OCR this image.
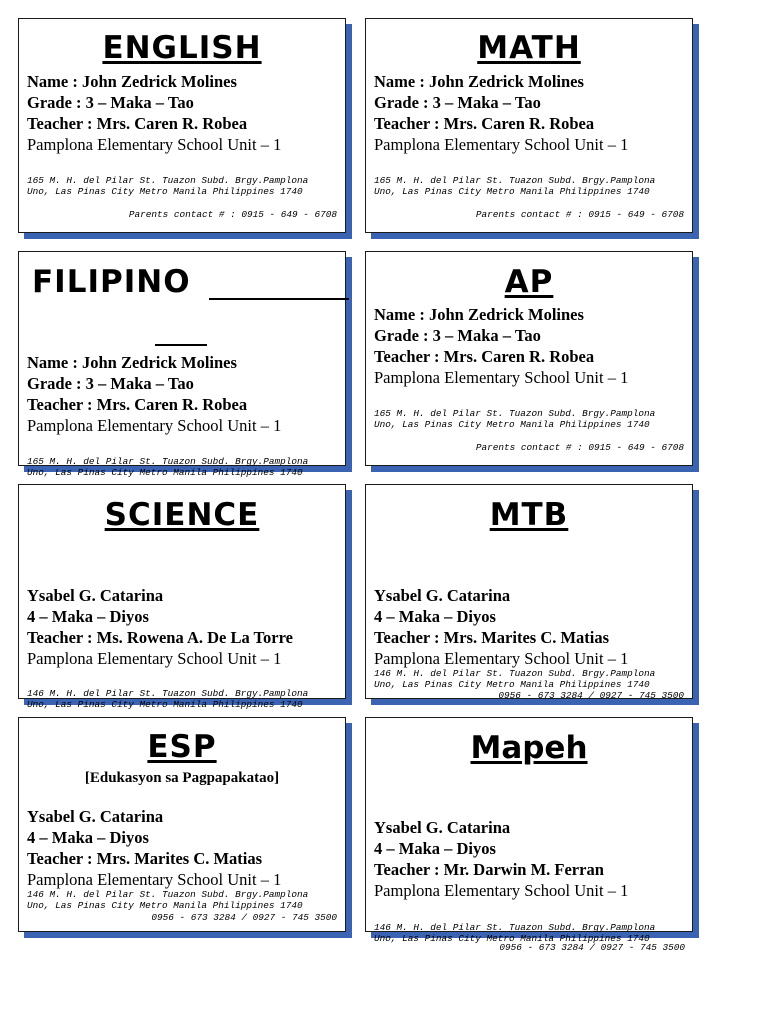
ENGLISH
Name : John Zedrick Molines
Grade : 3 – Maka – Tao
Teacher : Mrs. Caren R. Robea
Pamplona Elementary School Unit – 1
165 M. H. del Pilar St. Tuazon Subd. Brgy.Pamplona
Uno, Las Pinas City Metro Manila Philippines 1740
Parents contact # : 0915 - 649 - 6708
MATH
Name : John Zedrick Molines
Grade : 3 – Maka – Tao
Teacher : Mrs. Caren R. Robea
Pamplona Elementary School Unit – 1
165 M. H. del Pilar St. Tuazon Subd. Brgy.Pamplona
Uno, Las Pinas City Metro Manila Philippines 1740
Parents contact # : 0915 - 649 - 6708
FILIPINO
Name : John Zedrick Molines
Grade : 3 – Maka – Tao
Teacher : Mrs. Caren R. Robea
Pamplona Elementary School Unit – 1
165 M. H. del Pilar St. Tuazon Subd. Brgy.Pamplona
Uno, Las Pinas City Metro Manila Philippines 1740
AP
Name : John Zedrick Molines
Grade : 3 – Maka – Tao
Teacher : Mrs. Caren R. Robea
Pamplona Elementary School Unit – 1
165 M. H. del Pilar St. Tuazon Subd. Brgy.Pamplona
Uno, Las Pinas City Metro Manila Philippines 1740
Parents contact # : 0915 - 649 - 6708
SCIENCE
Ysabel G. Catarina
4 – Maka – Diyos
Teacher : Ms. Rowena A. De La Torre
Pamplona Elementary School Unit – 1
146 M. H. del Pilar St. Tuazon Subd. Brgy.Pamplona
Uno, Las Pinas City Metro Manila Philippines 1740
MTB
Ysabel G. Catarina
4 – Maka – Diyos
Teacher : Mrs. Marites C. Matias
Pamplona Elementary School Unit – 1
146 M. H. del Pilar St. Tuazon Subd. Brgy.Pamplona
Uno, Las Pinas City Metro Manila Philippines 1740
0956 - 673 3284 / 0927 - 745 3500
ESP
[Edukasyon sa Pagpapakatao]
Ysabel G. Catarina
4 – Maka – Diyos
Teacher : Mrs. Marites C. Matias
Pamplona Elementary School Unit – 1
146 M. H. del Pilar St. Tuazon Subd. Brgy.Pamplona
Uno, Las Pinas City Metro Manila Philippines 1740
0956 - 673 3284 / 0927 - 745 3500
Mapeh
Ysabel G. Catarina
4 – Maka – Diyos
Teacher : Mr. Darwin M. Ferran
Pamplona Elementary School Unit – 1
146 M. H. del Pilar St. Tuazon Subd. Brgy.Pamplona
Uno, Las Pinas City Metro Manila Philippines 1740
0956 - 673 3284 / 0927 - 745 3500
